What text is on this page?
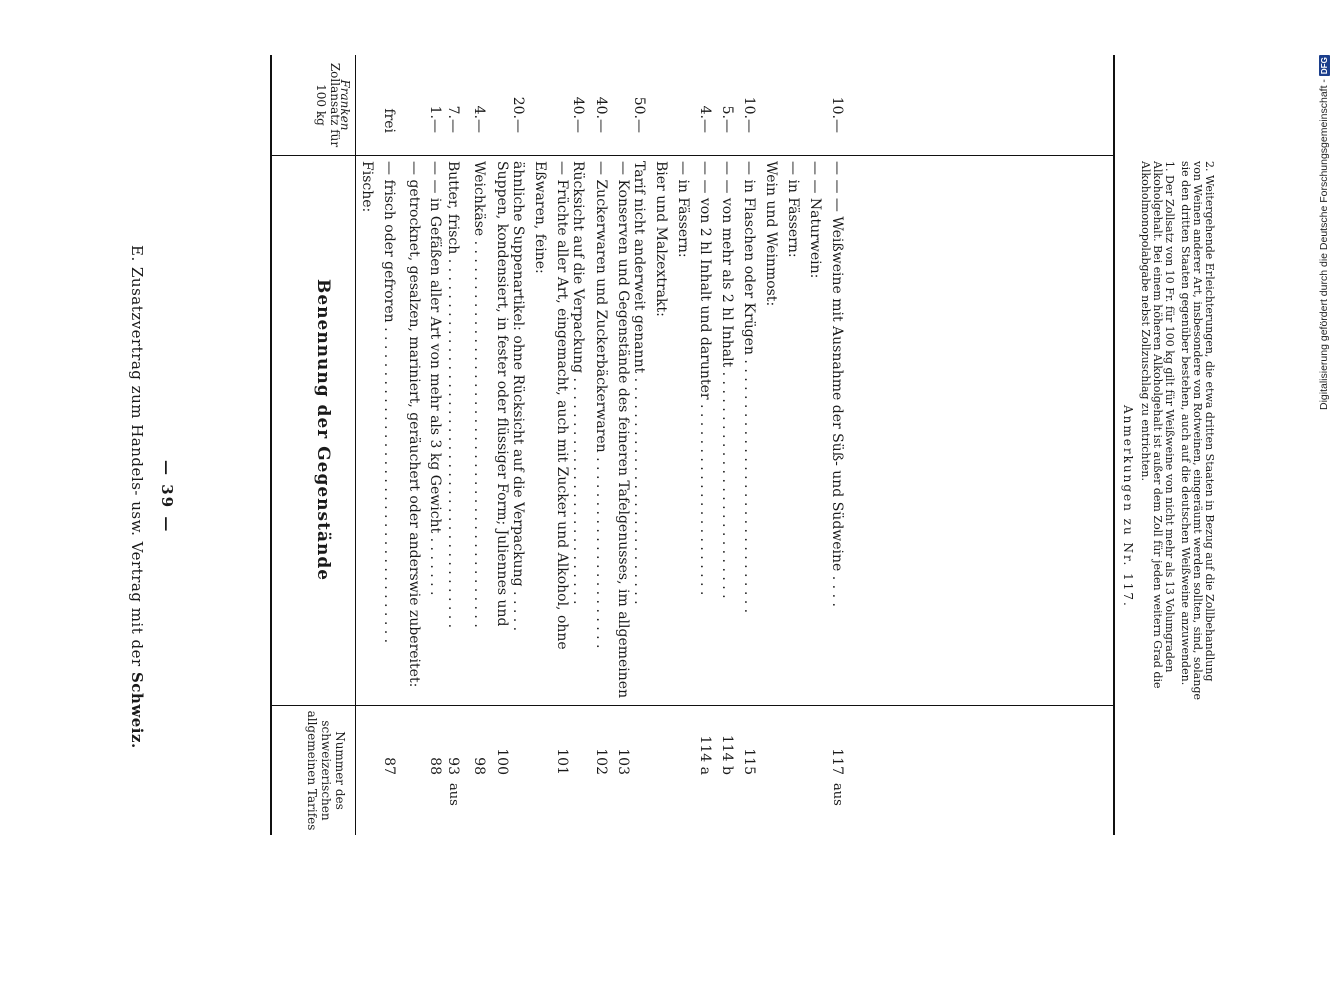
Digitalisierung gefördert durch die Deutsche Forschungsgemeinschaft -
DFG
E. Zusatzvertrag zum Handels- usw. Vertrag mit der Schweiz.
— 39 —
Zollansatz für 100 kg Franken
Benennung der Gegenstände
Nummer des schweizerischen allgemeinen Tarifes
Fische: — frisch oder gefroren . . . . . . . . . . . . . . . . . . . . . . . . . . . . . . . . . . . .
87
frei
— getrocknet, gesalzen, mariniert, geräuchert oder anderswie zubereitet: — — in Gefäßen aller Art von mehr als 3 kg Gewicht . . . . . . .
88
1.—
Butter, frisch . . . . . . . . . . . . . . . . . . . . . . . . . . . . . . . . . . . . . . . . . .
93
aus
7.—
Weichkäse . . . . . . . . . . . . . . . . . . . . . . . . . . . . . . . . . . . . . . . . . . . .
98
4.—
Suppen, kondensiert, in fester oder flüssiger Form; Juliennes und
100
ähnliche Suppenartikel: ohne Rücksicht auf die Verpackung . . . . .
20.—
Eßwaren, feine: — Früchte aller Art, eingemacht, auch mit Zucker und Alkohol, ohne
101
Rücksicht auf die Verpackung . . . . . . . . . . . . . . . . . . . . . . . . . .
40.—
— Zuckerwaren und Zuckerbäckerwaren . . . . . . . . . . . . . . . . . . . . . .
102
40.—
— Konserven und Gegenstände des feineren Tafelgenusses, im allgemeinen
103
Tarif nicht anderweit genannt . . . . . . . . . . . . . . . . . . . . . . . . . .
50.—
Bier und Malzextrakt: — in Fässern: — — von 2 hl Inhalt und darunter . . . . . . . . . . . . . . . . . . . . . .
114 a
4.—
— — von mehr als 2 hl Inhalt . . . . . . . . . . . . . . . . . . . . . . . . . .
114 b
5.—
— in Flaschen oder Krügen . . . . . . . . . . . . . . . . . . . . . . . . . . . . .
115
10.—
Wein und Weinmost: — in Fässern: — — Naturwein: — — — Weißweine mit Ausnahme der Süß- und Südweine . . . .
117
aus
10.—
Anmerkungen zu Nr. 117.
1. Der Zollsatz von 10 Fr. für 100 kg gilt für Weißweine von nicht mehr als 13 Volumgraden Alkoholgehalt. Bei einem höheren Alkoholgehalt ist außer dem Zoll für jeden weitern Grad die Alkoholmonopolabgabe nebst Zollzuschlag zu entrichten.	2. Weitergehende Erleichterungen, die etwa dritten Staaten in Bezug auf die Zollbehandlung von Weinen anderer Art, insbesondere von Rotweinen, eingeräumt werden sollten, sind, solange sie den dritten Staaten gegenüber bestehen, auch auf die deutschen Weißweine anzuwenden.
